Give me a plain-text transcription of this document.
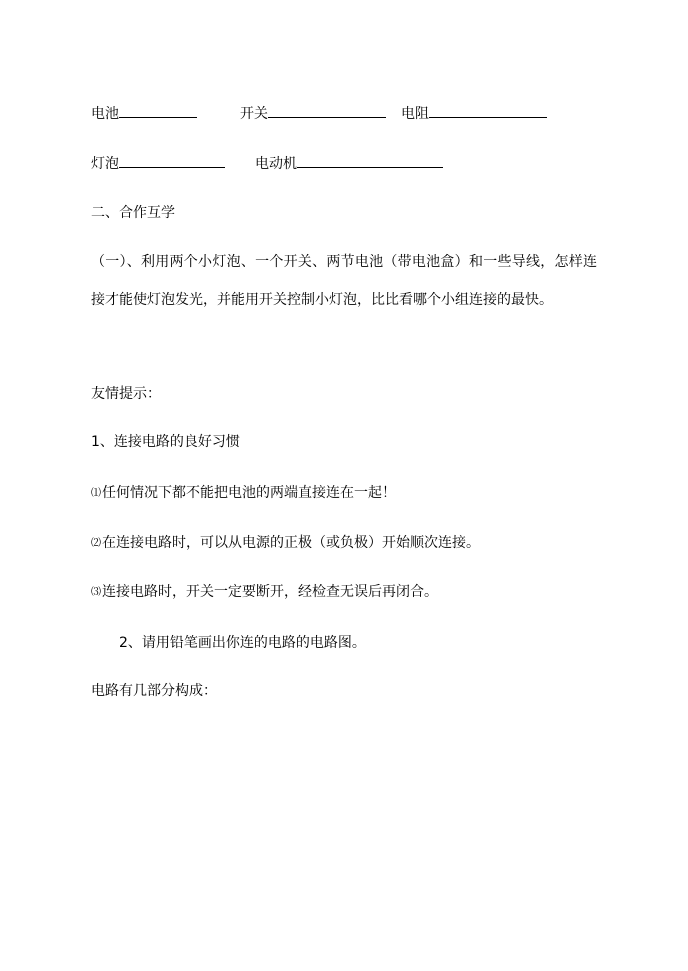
电池	开关	电阻
灯泡	电动机
二、合作互学
（一）、利用两个小灯泡、一个开关、两节电池（带电池盒）和一些导线，怎样连接才能使灯泡发光，并能用开关控制小灯泡，比比看哪个小组连接的最快。
友情提示：
1、连接电路的良好习惯
⑴任何情况下都不能把电池的两端直接连在一起！
⑵在连接电路时，可以从电源的正极（或负极）开始顺次连接。
⑶连接电路时，开关一定要断开，经检查无误后再闭合。
2、请用铅笔画出你连的电路的电路图。
电路有几部分构成：
